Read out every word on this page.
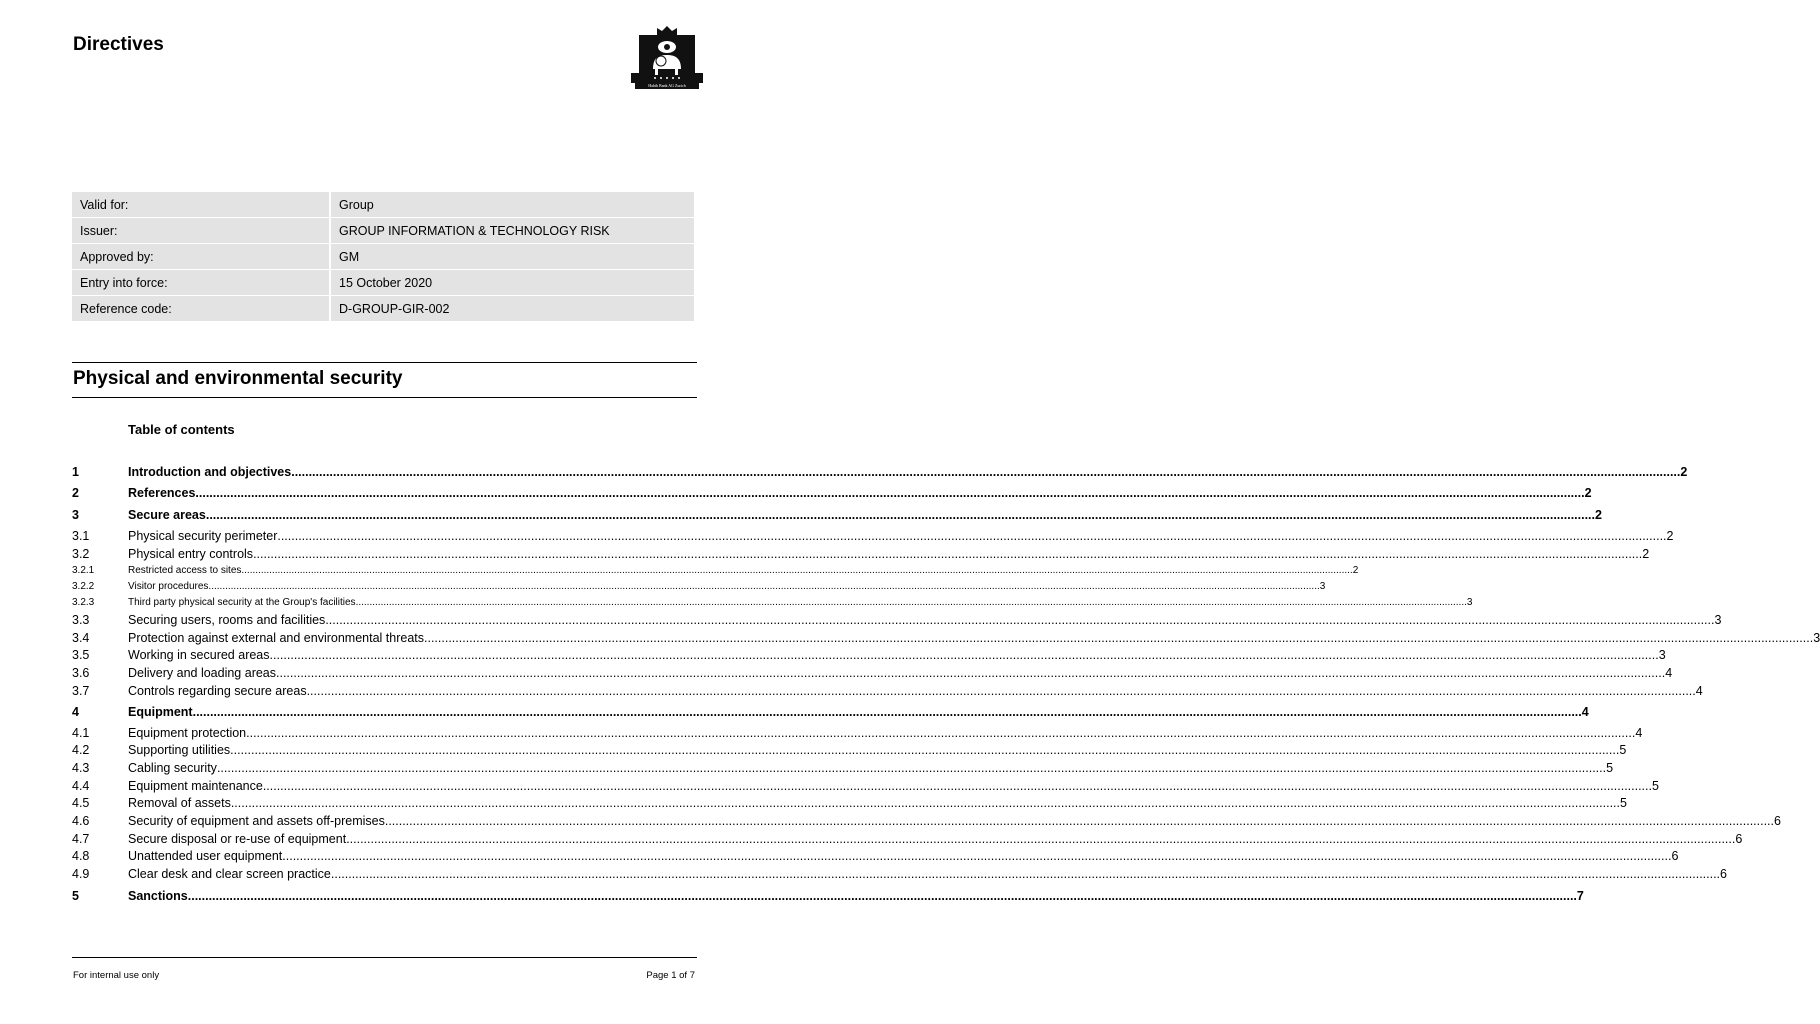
Directives
Habib Bank AG Zurich
Valid for:	Group
Issuer:	GROUP INFORMATION & TECHNOLOGY RISK
Approved by:	GM
Entry into force:	15 October 2020
Reference code:	D-GROUP-GIR-002
Physical and environmental security
Table of contents
1	Introduction and objectives ................................................................................................................................................................................................................................................................................................................................................................................................................ 2
2	References ................................................................................................................................................................................................................................................................................................................................................................................................................ 2
3	Secure areas ................................................................................................................................................................................................................................................................................................................................................................................................................ 2
3.1	Physical security perimeter ................................................................................................................................................................................................................................................................................................................................................................................................................ 2
3.2	Physical entry controls ................................................................................................................................................................................................................................................................................................................................................................................................................ 2
3.2.1	Restricted access to sites ................................................................................................................................................................................................................................................................................................................................................................................................................ 2
3.2.2	Visitor procedures ................................................................................................................................................................................................................................................................................................................................................................................................................ 3
3.2.3	Third party physical security at the Group's facilities ................................................................................................................................................................................................................................................................................................................................................................................................................ 3
3.3	Securing users, rooms and facilities ................................................................................................................................................................................................................................................................................................................................................................................................................ 3
3.4	Protection against external and environmental threats ................................................................................................................................................................................................................................................................................................................................................................................................................ 3
3.5	Working in secured areas ................................................................................................................................................................................................................................................................................................................................................................................................................ 3
3.6	Delivery and loading areas ................................................................................................................................................................................................................................................................................................................................................................................................................ 4
3.7	Controls regarding secure areas ................................................................................................................................................................................................................................................................................................................................................................................................................ 4
4	Equipment ................................................................................................................................................................................................................................................................................................................................................................................................................ 4
4.1	Equipment protection ................................................................................................................................................................................................................................................................................................................................................................................................................ 4
4.2	Supporting utilities ................................................................................................................................................................................................................................................................................................................................................................................................................ 5
4.3	Cabling security ................................................................................................................................................................................................................................................................................................................................................................................................................ 5
4.4	Equipment maintenance ................................................................................................................................................................................................................................................................................................................................................................................................................ 5
4.5	Removal of assets ................................................................................................................................................................................................................................................................................................................................................................................................................ 5
4.6	Security of equipment and assets off-premises ................................................................................................................................................................................................................................................................................................................................................................................................................ 6
4.7	Secure disposal or re-use of equipment ................................................................................................................................................................................................................................................................................................................................................................................................................ 6
4.8	Unattended user equipment ................................................................................................................................................................................................................................................................................................................................................................................................................ 6
4.9	Clear desk and clear screen practice ................................................................................................................................................................................................................................................................................................................................................................................................................ 6
5	Sanctions ................................................................................................................................................................................................................................................................................................................................................................................................................ 7
For internal use only	Page 1 of 7
